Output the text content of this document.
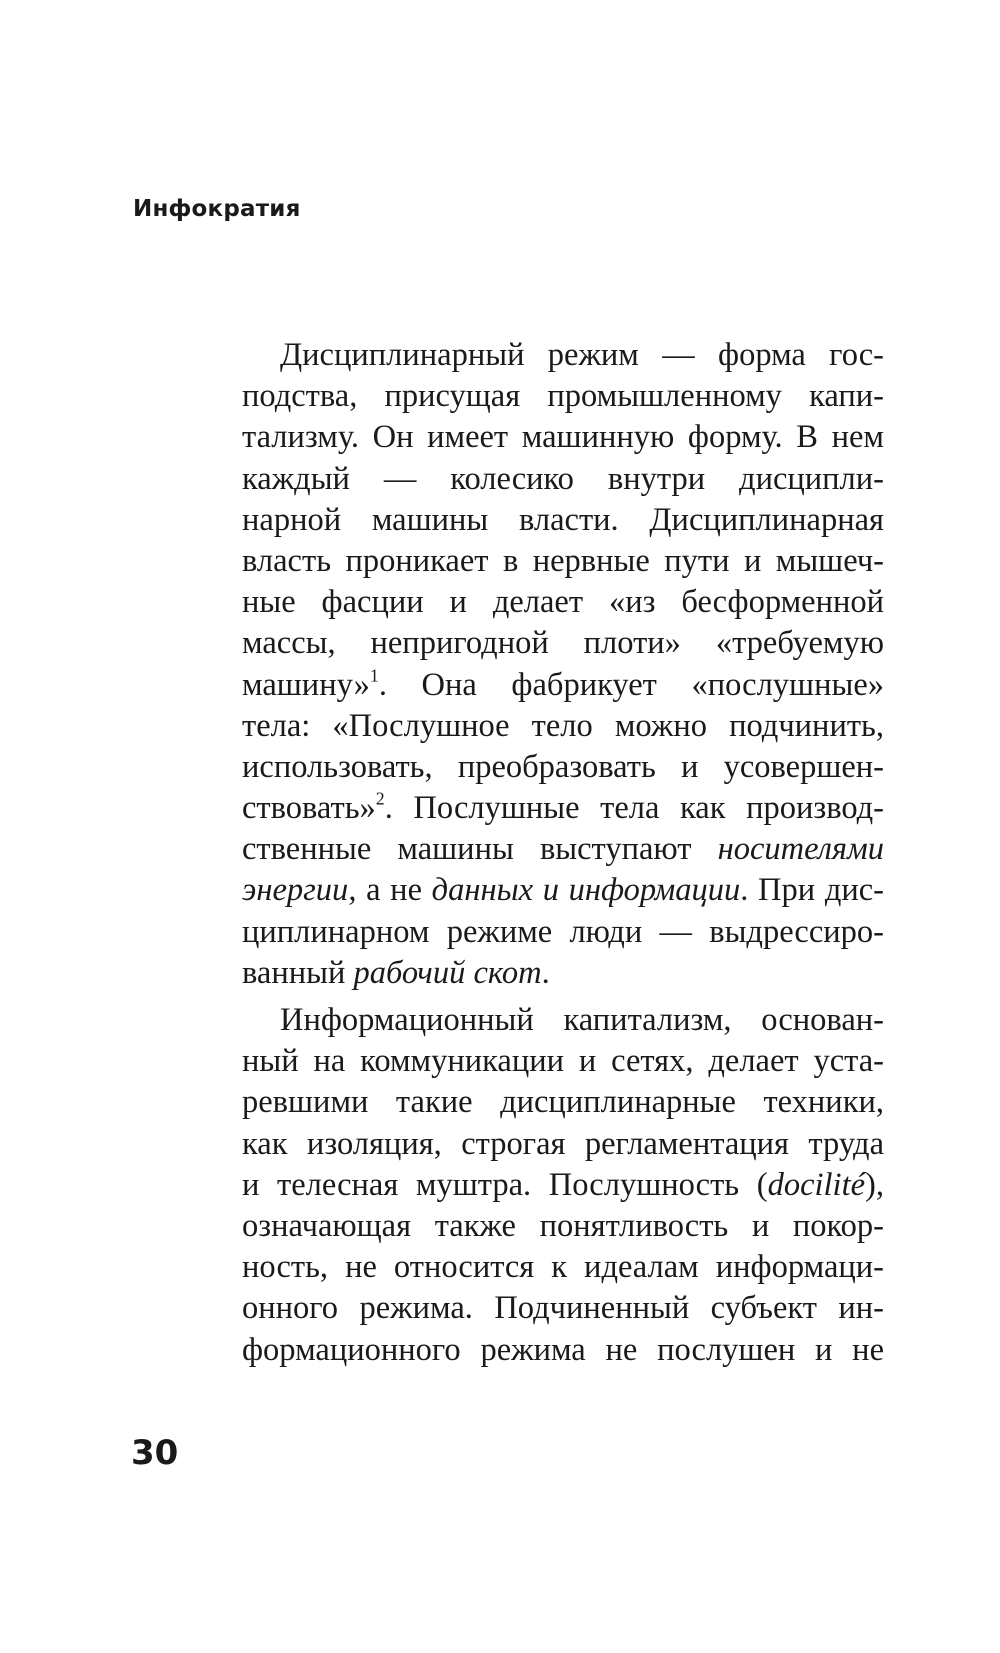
Инфократия
Дисциплинарный режим — форма гос-
подства, присущая промышленному капи-
тализму. Он имеет машинную форму. В нем
каждый — колесико внутри дисципли-
нарной машины власти. Дисциплинарная
власть проникает в нервные пути и мышеч-
ные фасции и делает «из бесформенной
массы, непригодной плоти» «требуемую
машину»$^1$. Она фабрикует «послушные»
тела: «Послушное тело можно подчинить,
использовать, преобразовать и усовершен-
ствовать»$^2$. Послушные тела как производ-
ственные машины выступают носителями
энергии, а не данных и информации. При дис-
циплинарном режиме люди — выдрессиро-
ванный рабочий скот.
Информационный капитализм, основан-
ный на коммуникации и сетях, делает уста-
ревшими такие дисциплинарные техники,
как изоляция, строгая регламентация труда
и телесная муштра. Послушность (docilité),
означающая также понятливость и покор-
ность, не относится к идеалам информаци-
онного режима. Подчиненный субъект ин-
формационного режима не послушен и не
30
